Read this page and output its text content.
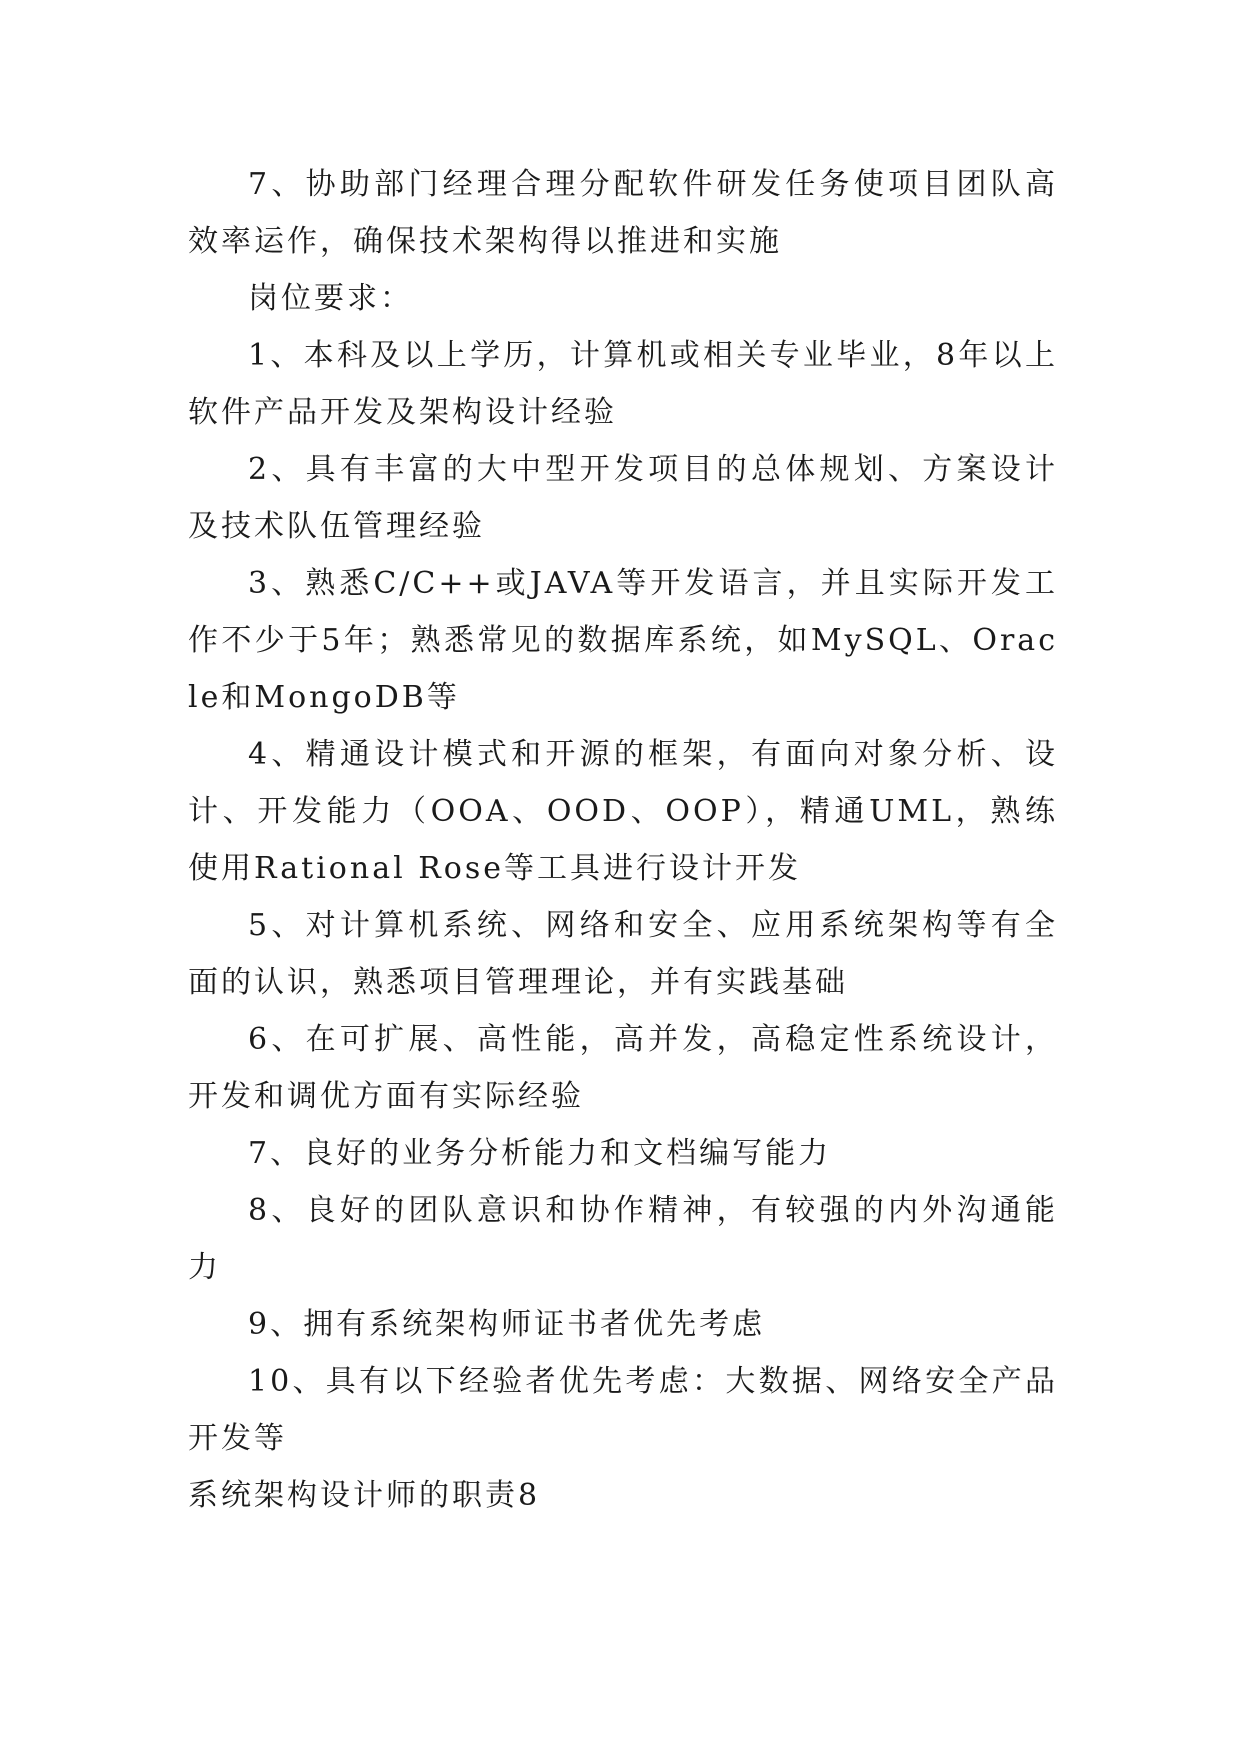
7、协助部门经理合理分配软件研发任务使项目团队高效率运作，确保技术架构得以推进和实施

岗位要求：

1、本科及以上学历，计算机或相关专业毕业，8年以上软件产品开发及架构设计经验

2、具有丰富的大中型开发项目的总体规划、方案设计及技术队伍管理经验

3、熟悉C/C++或JAVA等开发语言，并且实际开发工作不少于5年；熟悉常见的数据库系统，如MySQL、Oracle和MongoDB等

4、精通设计模式和开源的框架，有面向对象分析、设计、开发能力（OOA、OOD、OOP），精通UML，熟练使用Rational Rose等工具进行设计开发

5、对计算机系统、网络和安全、应用系统架构等有全面的认识，熟悉项目管理理论，并有实践基础

6、在可扩展、高性能，高并发，高稳定性系统设计，开发和调优方面有实际经验

7、良好的业务分析能力和文档编写能力

8、良好的团队意识和协作精神，有较强的内外沟通能力

9、拥有系统架构师证书者优先考虑

10、具有以下经验者优先考虑：大数据、网络安全产品开发等

系统架构设计师的职责8
